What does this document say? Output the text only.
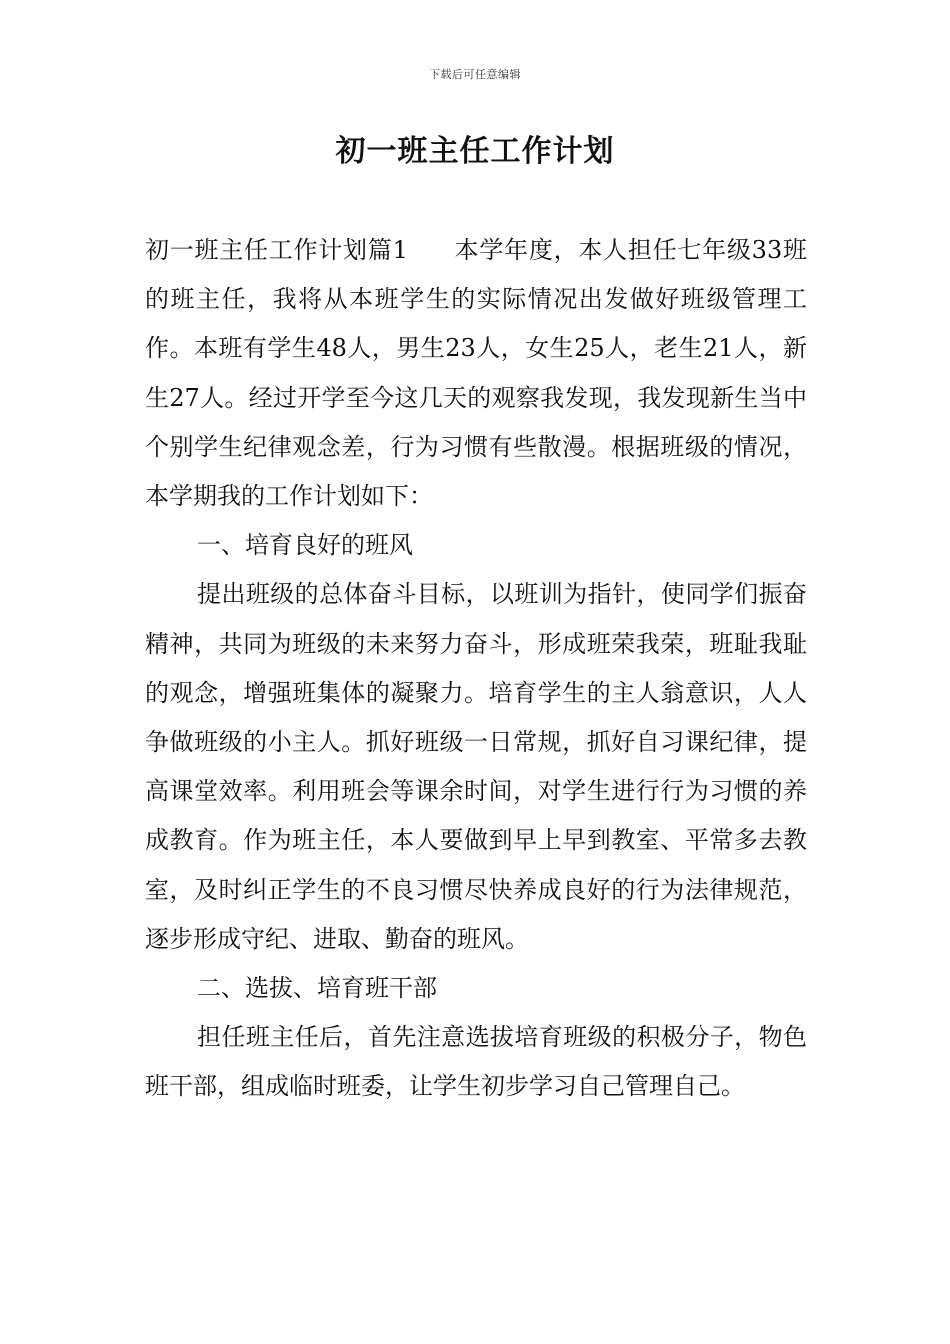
下载后可任意编辑
初一班主任工作计划

初一班主任工作计划篇1 本学年度，本人担任七年级33班的班主任，我将从本班学生的实际情况出发做好班级管理工作。本班有学生48人，男生23人，女生25人，老生21人，新生27人。经过开学至今这几天的观察我发现，我发现新生当中个别学生纪律观念差，行为习惯有些散漫。根据班级的情况，本学期我的工作计划如下：

一、培育良好的班风

提出班级的总体奋斗目标，以班训为指针，使同学们振奋精神，共同为班级的未来努力奋斗，形成班荣我荣，班耻我耻的观念，增强班集体的凝聚力。培育学生的主人翁意识，人人争做班级的小主人。抓好班级一日常规，抓好自习课纪律，提高课堂效率。利用班会等课余时间，对学生进行行为习惯的养成教育。作为班主任，本人要做到早上早到教室、平常多去教室，及时纠正学生的不良习惯尽快养成良好的行为法律规范，逐步形成守纪、进取、勤奋的班风。

二、选拔、培育班干部

担任班主任后，首先注意选拔培育班级的积极分子，物色班干部，组成临时班委，让学生初步学习自己管理自己。
